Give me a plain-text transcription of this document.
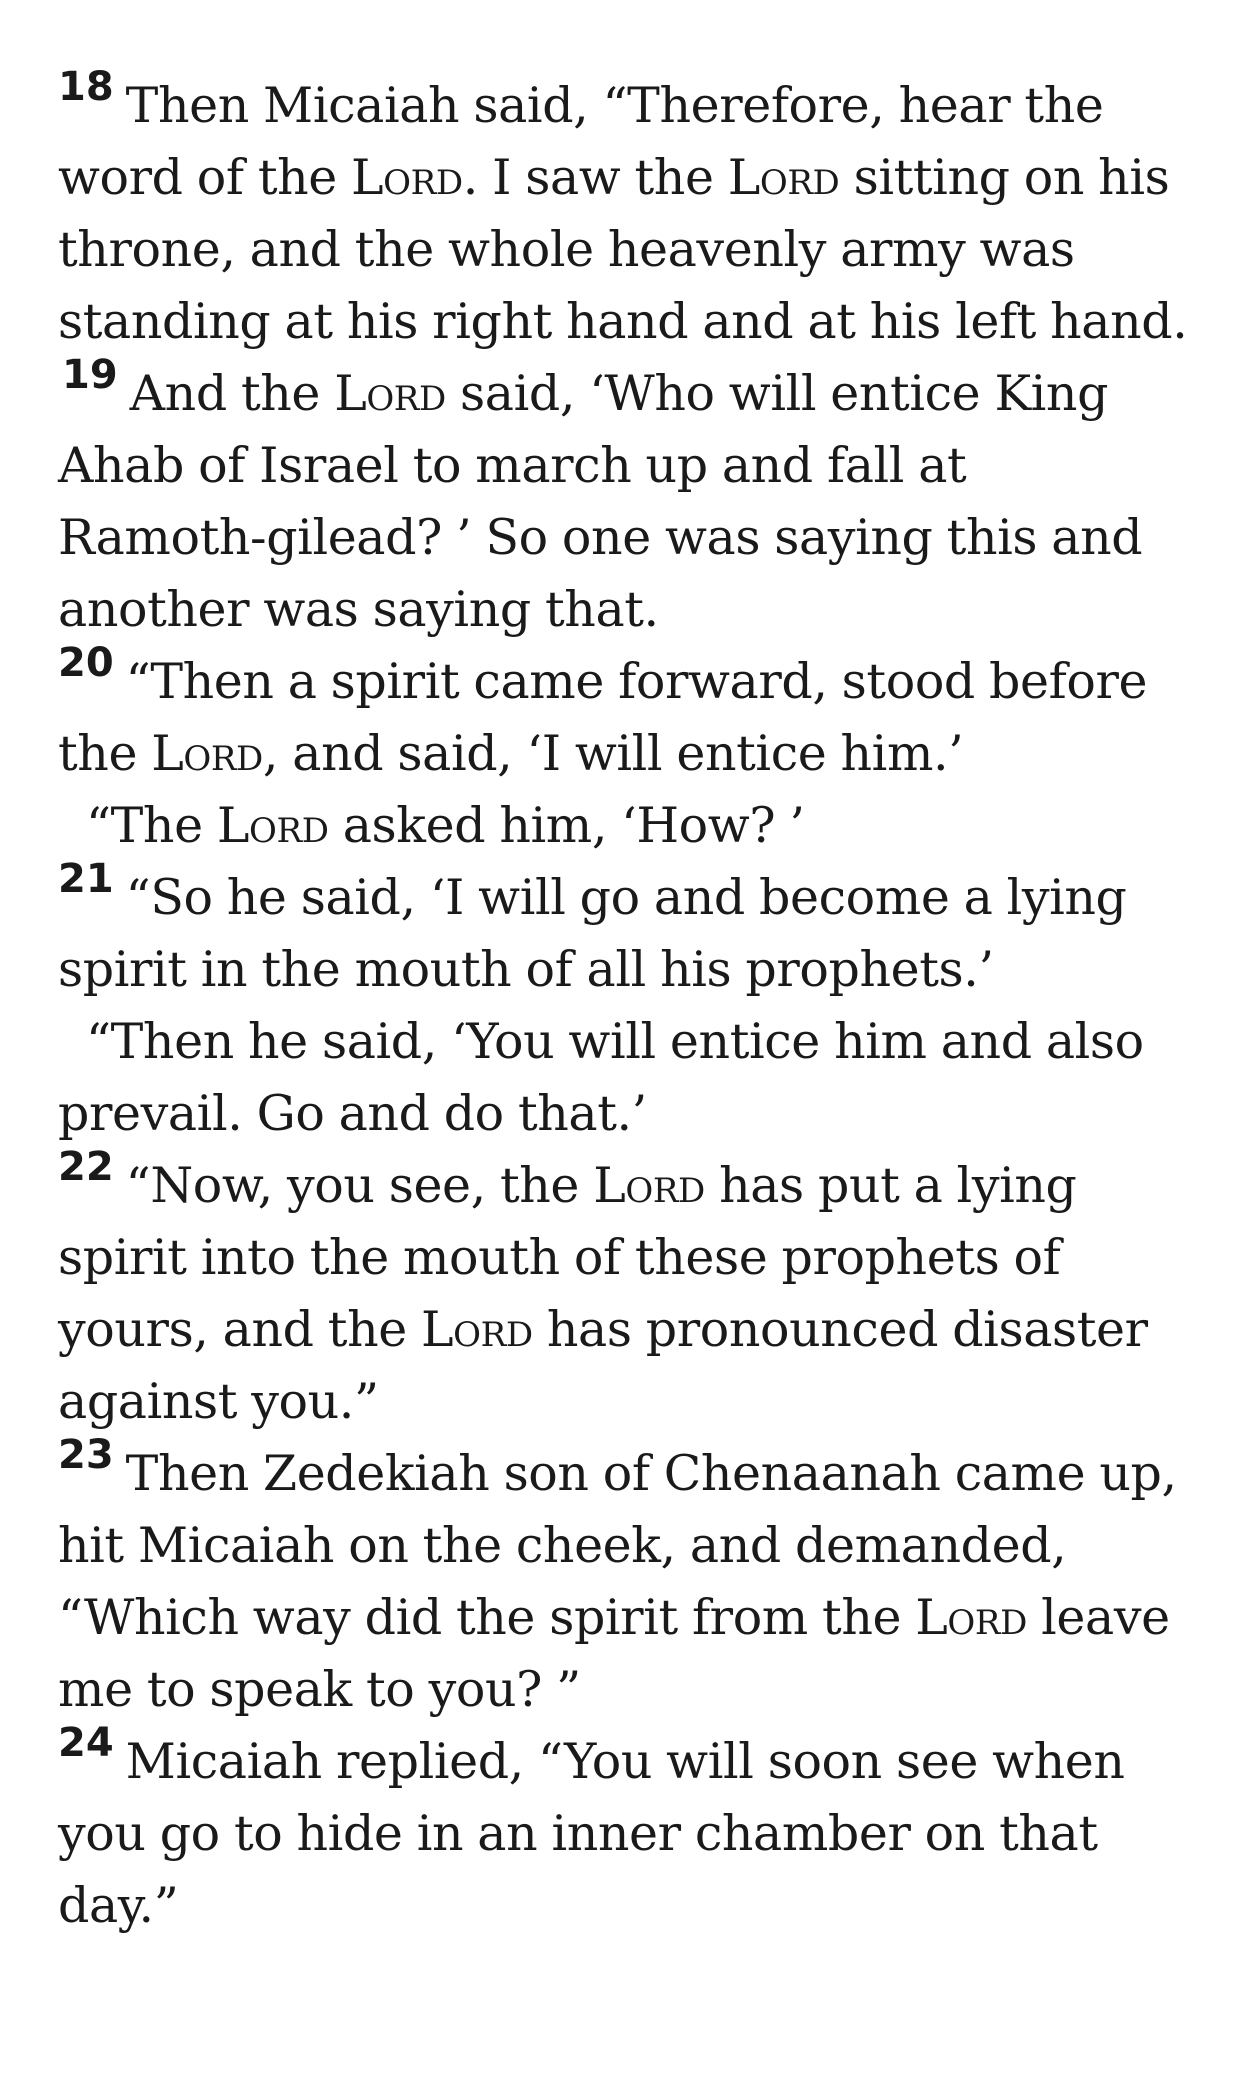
$^{18}$ Then Micaiah said, “Therefore, hear the word of the Lord. I saw the Lord sitting on his throne, and the whole heavenly army was standing at his right hand and at his left hand. $^{19}$ And the Lord said, ‘Who will entice King Ahab of Israel to march up and fall at Ramoth-gilead? ’ So one was saying this and another was saying that.

$^{20}$ “Then a spirit came forward, stood before the Lord, and said, ‘I will entice him.’

“The Lord asked him, ‘How? ’

$^{21}$ “So he said, ‘I will go and become a lying spirit in the mouth of all his prophets.’

“Then he said, ‘You will entice him and also prevail. Go and do that.’

$^{22}$ “Now, you see, the Lord has put a lying spirit into the mouth of these prophets of yours, and the Lord has pronounced disaster against you.”

$^{23}$ Then Zedekiah son of Chenaanah came up, hit Micaiah on the cheek, and demanded, “Which way did the spirit from the Lord leave me to speak to you? ”

$^{24}$ Micaiah replied, “You will soon see when you go to hide in an inner chamber on that day.”
